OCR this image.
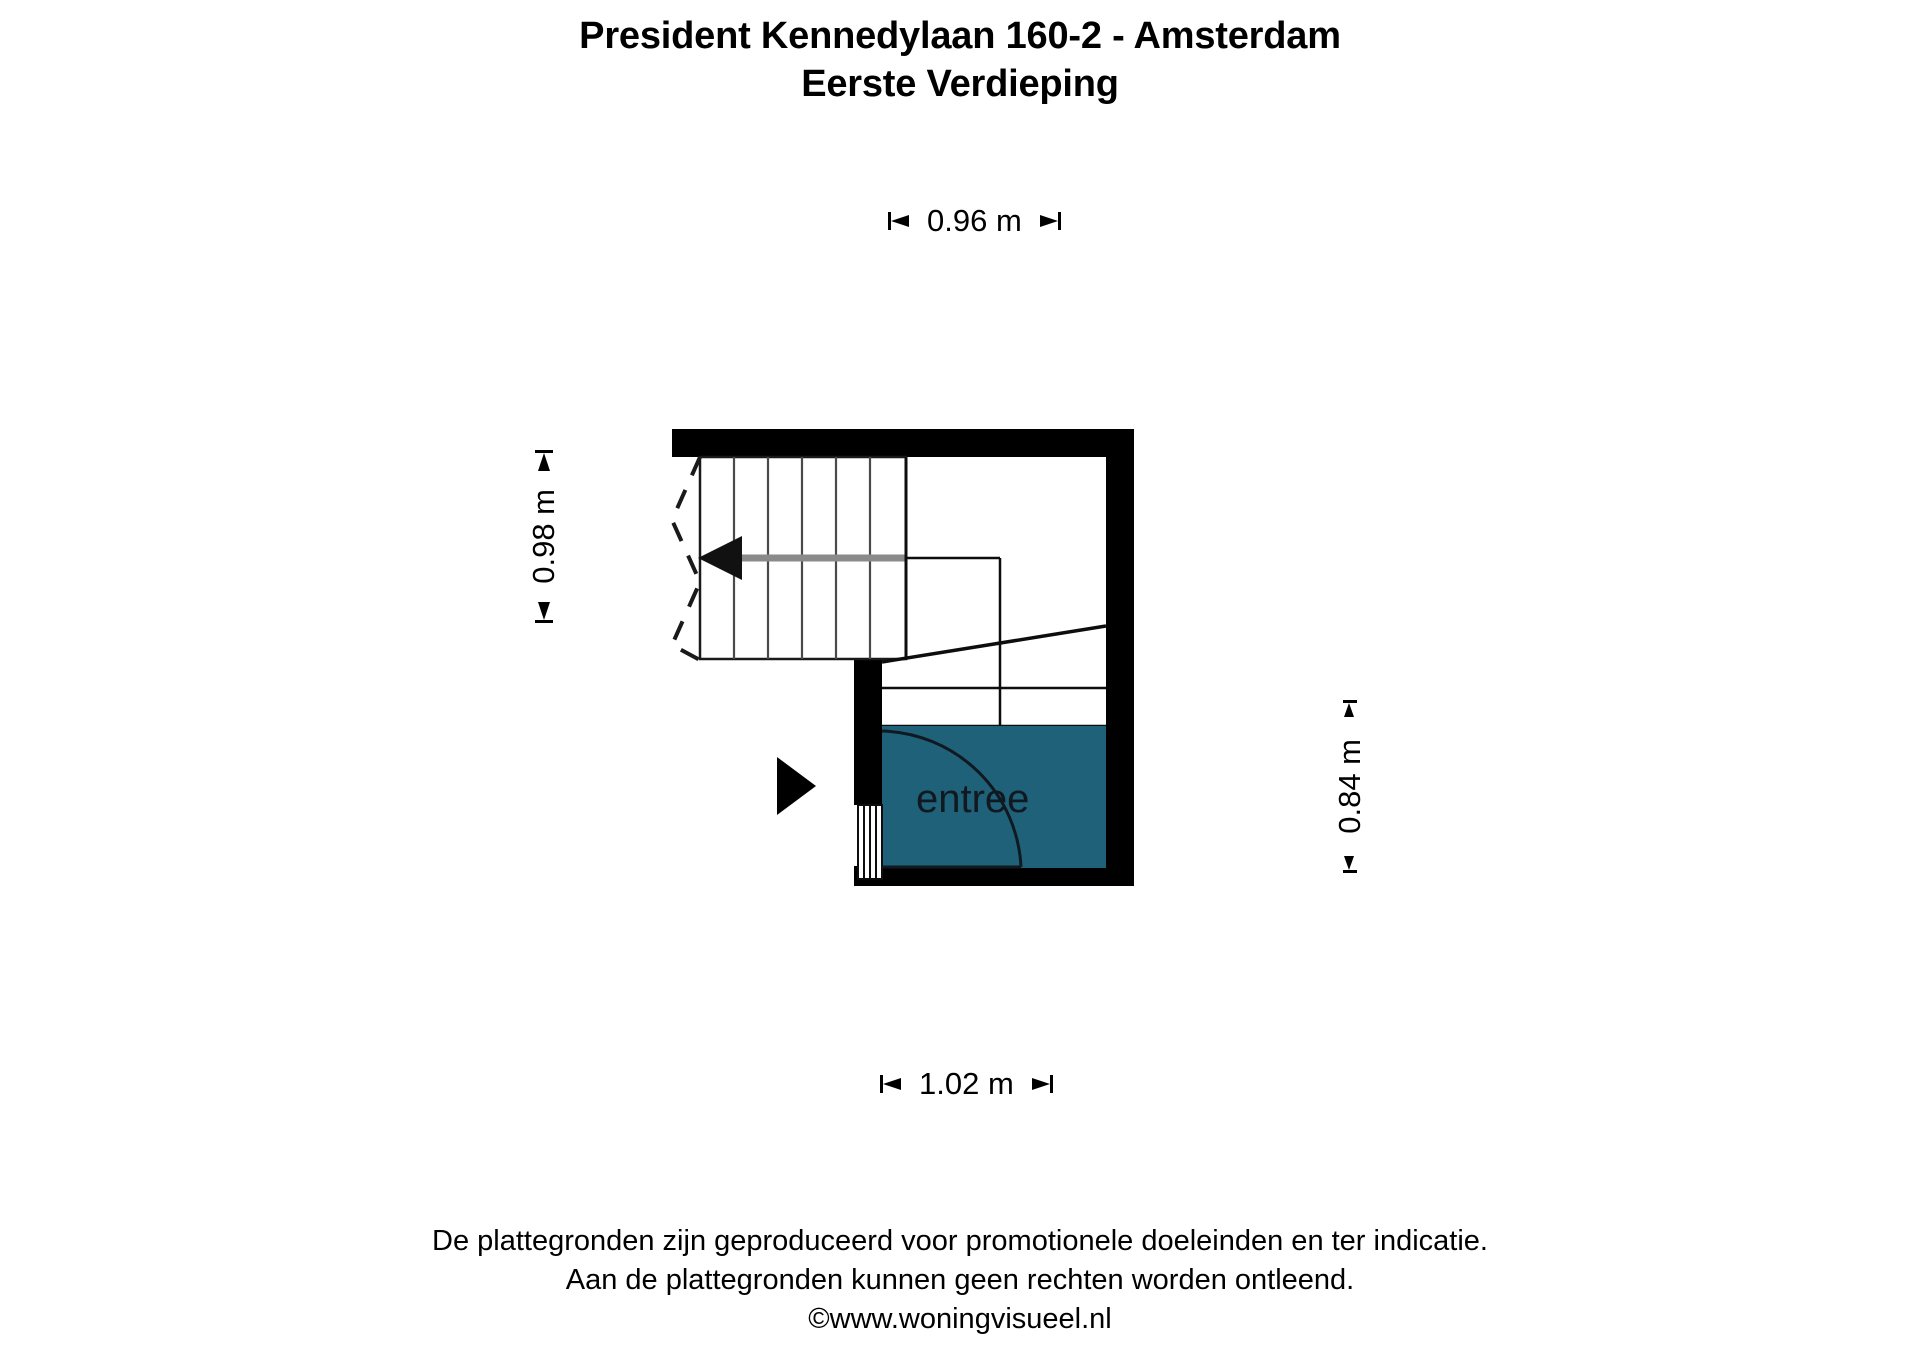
President Kennedylaan 160-2 - Amsterdam
Eerste Verdieping
entree
0.96 m
0.98 m
0.84 m
1.02 m
De plattegronden zijn geproduceerd voor promotionele doeleinden en ter indicatie.
Aan de plattegronden kunnen geen rechten worden ontleend.
©www.woningvisueel.nl
